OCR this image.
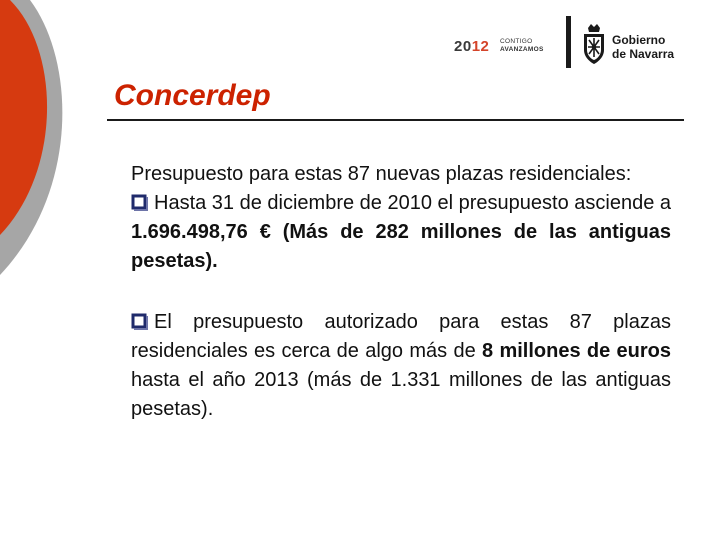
2012 CONTIGO
AVANZAMOS
Gobierno
de Navarra
Concerdep

Presupuesto para estas 87 nuevas plazas residenciales:

Hasta 31 de diciembre de 2010 el presupuesto asciende a 1.696.498,76 € (Más de 282 millones de las antiguas pesetas).

El presupuesto autorizado para estas 87 plazas residenciales es cerca de algo más de 8 millones de euros hasta el año 2013 (más de 1.331 millones de las antiguas pesetas).
